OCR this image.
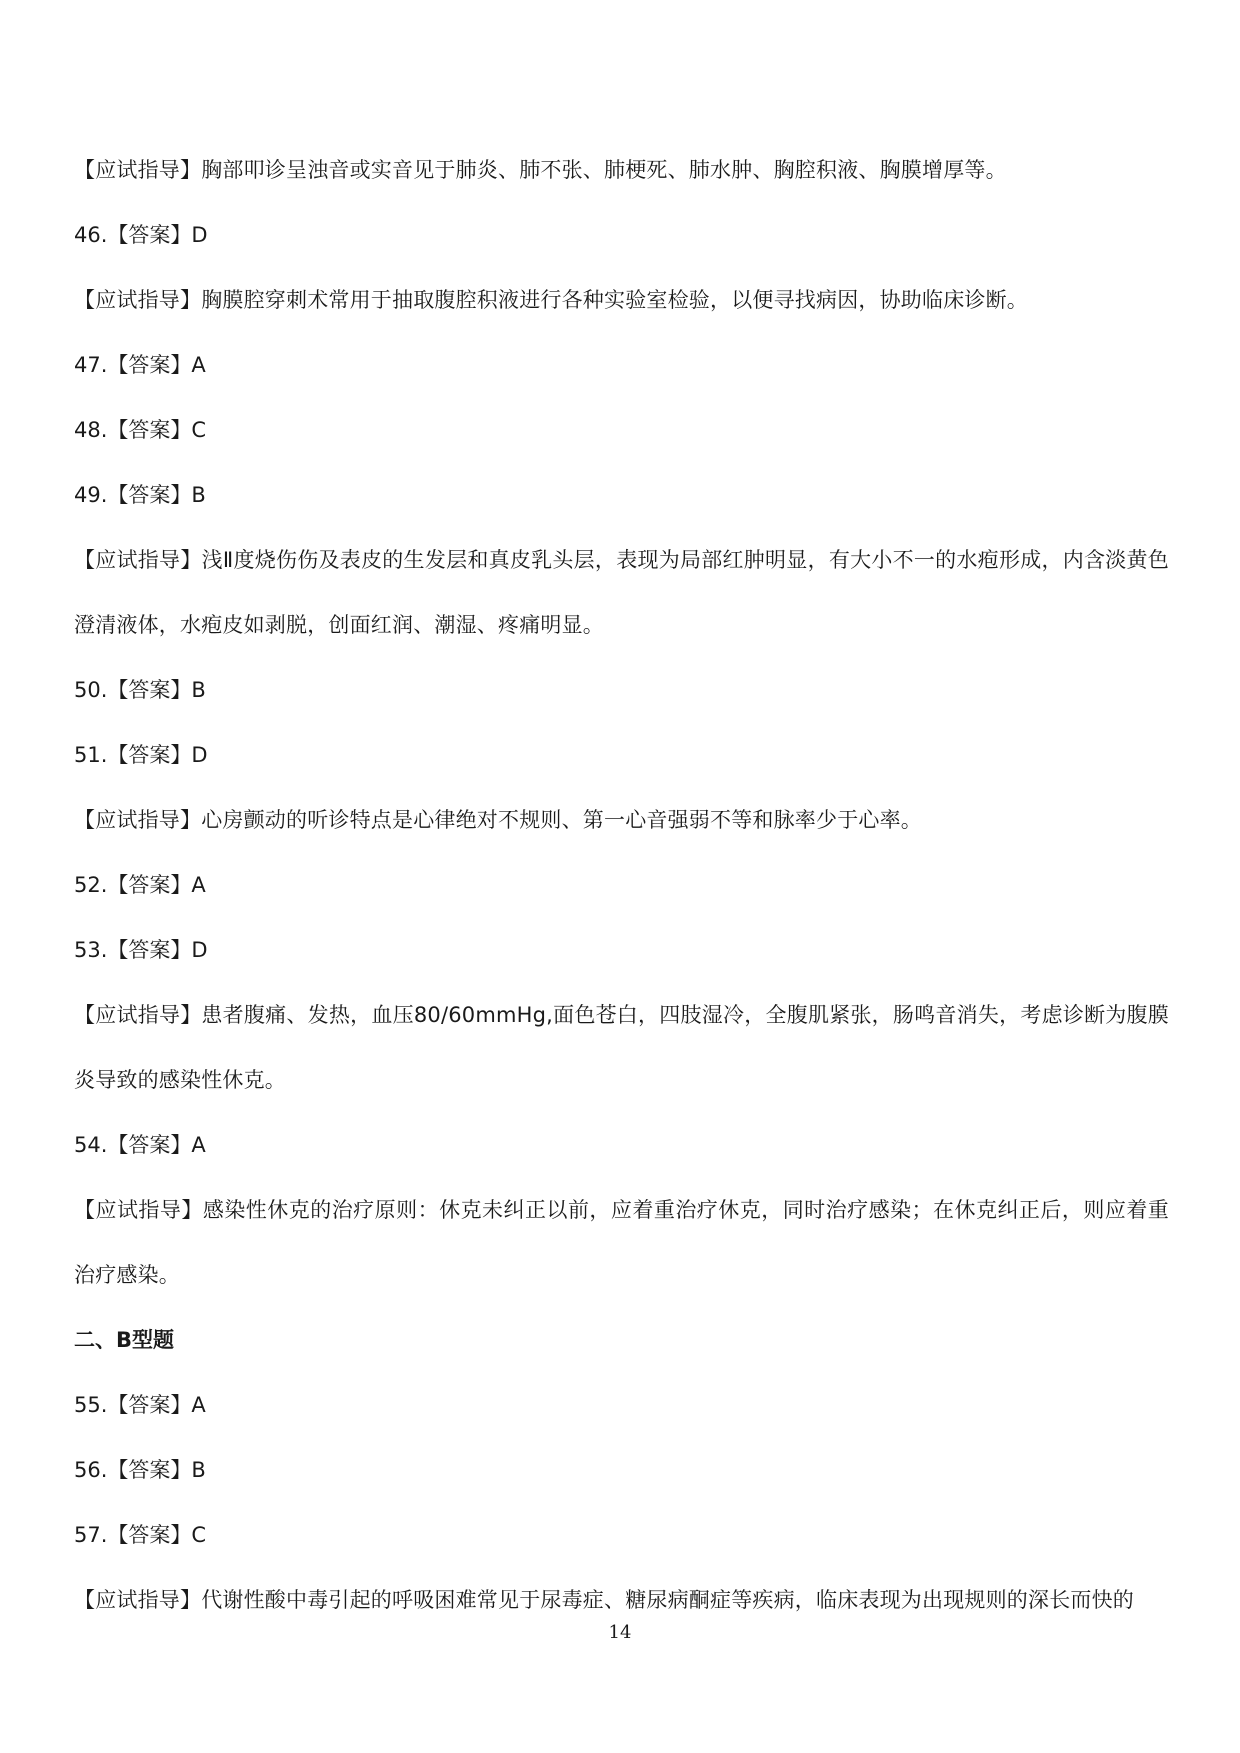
【应试指导】胸部叩诊呈浊音或实音见于肺炎、肺不张、肺梗死、肺水肿、胸腔积液、胸膜增厚等。
46.【答案】D
【应试指导】胸膜腔穿刺术常用于抽取腹腔积液进行各种实验室检验，以便寻找病因，协助临床诊断。
47.【答案】A
48.【答案】C
49.【答案】B
【应试指导】浅Ⅱ度烧伤伤及表皮的生发层和真皮乳头层，表现为局部红肿明显，有大小不一的水疱形成，内含淡黄色澄清液体，水疱皮如剥脱，创面红润、潮湿、疼痛明显。
50.【答案】B
51.【答案】D
【应试指导】心房颤动的听诊特点是心律绝对不规则、第一心音强弱不等和脉率少于心率。
52.【答案】A
53.【答案】D
【应试指导】患者腹痛、发热，血压80/60mmHg,面色苍白，四肢湿冷，全腹肌紧张，肠鸣音消失，考虑诊断为腹膜炎导致的感染性休克。
54.【答案】A
【应试指导】感染性休克的治疗原则：休克未纠正以前，应着重治疗休克，同时治疗感染；在休克纠正后，则应着重治疗感染。
二、B型题
55.【答案】A
56.【答案】B
57.【答案】C
【应试指导】代谢性酸中毒引起的呼吸困难常见于尿毒症、糖尿病酮症等疾病，临床表现为出现规则的深长而快的
14
